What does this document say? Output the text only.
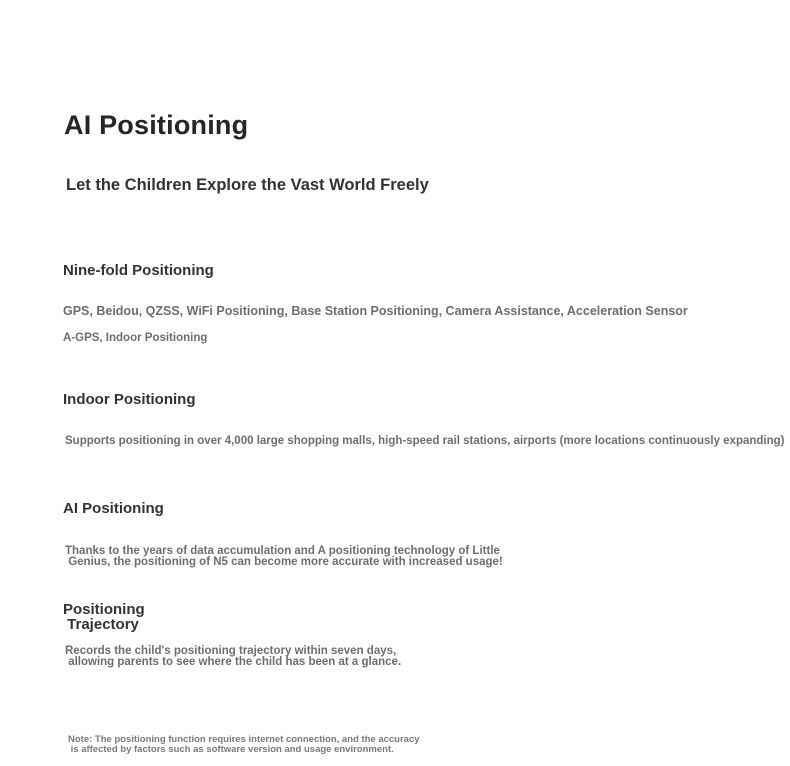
AI Positioning
Let the Children Explore the Vast World Freely
Nine-fold Positioning
GPS, Beidou, QZSS, WiFi Positioning, Base Station Positioning, Camera Assistance, Acceleration Sensor
A-GPS, Indoor Positioning
Indoor Positioning
Supports positioning in over 4,000 large shopping malls, high-speed rail stations, airports (more locations continuously expanding)
AI Positioning
Thanks to the years of data accumulation and A positioning technology of Little
Genius, the positioning of N5 can become more accurate with increased usage!
Positioning
Trajectory
Records the child's positioning trajectory within seven days,
allowing parents to see where the child has been at a glance.
Note: The positioning function requires internet connection, and the accuracy
is affected by factors such as software version and usage environment.
